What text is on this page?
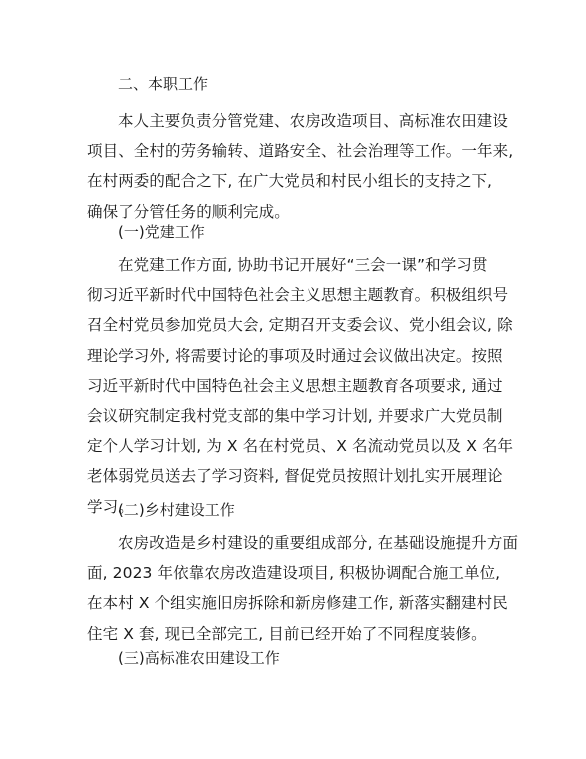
二、本职工作
本人主要负责分管党建、农房改造项目、高标准农田建设
项目、全村的劳务输转、道路安全、社会治理等工作。一年来,
在村两委的配合之下, 在广大党员和村民小组长的支持之下,
确保了分管任务的顺利完成。
(一)党建工作
在党建工作方面, 协助书记开展好“三会一课”和学习贯
彻习近平新时代中国特色社会主义思想主题教育。积极组织号
召全村党员参加党员大会, 定期召开支委会议、党小组会议, 除
理论学习外, 将需要讨论的事项及时通过会议做出决定。按照
习近平新时代中国特色社会主义思想主题教育各项要求, 通过
会议研究制定我村党支部的集中学习计划, 并要求广大党员制
定个人学习计划, 为 X 名在村党员、X 名流动党员以及 X 名年
老体弱党员送去了学习资料, 督促党员按照计划扎实开展理论
学习。
(二)乡村建设工作
农房改造是乡村建设的重要组成部分, 在基础设施提升方面
面, 2023 年依靠农房改造建设项目, 积极协调配合施工单位,
在本村 X 个组实施旧房拆除和新房修建工作, 新落实翻建村民
住宅 X 套, 现已全部完工, 目前已经开始了不同程度装修。
(三)高标准农田建设工作
